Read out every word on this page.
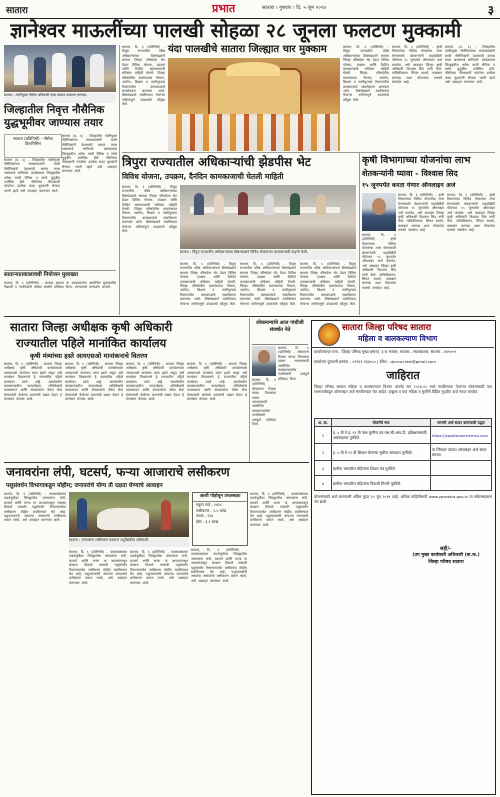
सातारा	प्रभात	सातारा । गुरुवार । दि. ५ जून २०२४	३
ज्ञानेश्वर माऊलींच्या पालखी सोहळा २८ जूनला फलटण मुक्कामी
सातारा : नवनियुक्त नौसेना अधिकारी यांचा सत्कार करताना मान्यवर.
जिल्हातील निवृत्त नौसैनिक युद्धभूमीवर जाण्यास तयार
सातारा (प्रतिनिधी) - नौसेना दिनानिमित्त
सातारा (प्र. ६) - जिल्हातील नवनियुक्त नौसैनिकांच्या सत्काराप्रसंगी माजी नौसैनिकांनी देशासाठी कायम तयार असल्याचे सांगितले. कार्यक्रमास जिल्ह्यातील अनेक माजी सैनिक व त्यांचे कुटुंबीय उपस्थित होते. नौसेनेच्या गौरवशाली परंपरेचा उल्लेख करत युवकांनी सैन्यात भरती व्हावे असे आवाहन करण्यात आले.
सातारा (प्र. ६) - जिल्हातील नवनियुक्त नौसैनिकांच्या सत्काराप्रसंगी माजी नौसैनिकांनी देशासाठी कायम तयार असल्याचे सांगितले. कार्यक्रमास जिल्ह्यातील अनेक माजी सैनिक व त्यांचे कुटुंबीय उपस्थित होते. नौसेनेच्या गौरवशाली परंपरेचा उल्लेख करत युवकांनी सैन्यात भरती व्हावे असे आवाहन करण्यात आले.
साताऱ्यातकालावधी नियोजन मुलाखत
सातारा, दि. ६ (प्रतिनिधी) - सातारा शहरात या उपक्रमांतर्गत आयोजित मुलाखतीस विद्यार्थी व नागरिकांनी मोठ्या संख्येने प्रतिसाद दिला. मान्यवरांचे मार्गदर्शन लाभले.
सातारा, दि. ६ (प्रतिनिधी) - त्रिपुरा राज्यातील वरिष्ठ अधिकाऱ्यांच्या शिष्टमंडळाने सातारा जिल्हा परिषदेला भेट देऊन विविध योजना, उपक्रम आणि दैनंदिन कामकाजाची सविस्तर माहिती घेतली. जिल्हा परिषदेतील ग्रामपंचायत विभाग, आरोग्य, शिक्षण व पाणीपुरवठा विभागातील कामकाजाचे सादरीकरण करण्यात आले. शिष्टमंडळाने राबविण्यात येणाऱ्या नाविन्यपूर्ण उपक्रमांचे कौतुक केले.
यंदा पालखीचे सातारा जिल्ह्यात चार मुक्काम	सातारा, दि. ६ (प्रतिनिधी) - त्रिपुरा राज्यातील वरिष्ठ अधिकाऱ्यांच्या शिष्टमंडळाने सातारा जिल्हा परिषदेला भेट देऊन विविध योजना, उपक्रम आणि दैनंदिन कामकाजाची सविस्तर माहिती घेतली. जिल्हा परिषदेतील ग्रामपंचायत विभाग, आरोग्य, शिक्षण व पाणीपुरवठा विभागातील कामकाजाचे सादरीकरण करण्यात आले. शिष्टमंडळाने राबविण्यात येणाऱ्या नाविन्यपूर्ण उपक्रमांचे कौतुक केले.
सातारा, दि. ६ (प्रतिनिधी) - कृषी विभागाच्या विविध योजनांचा लाभ घेण्यासाठी शेतकऱ्यांनी महाडीबीटी पोर्टलवर १५ जूनपर्यंत ऑनलाइन अर्ज करावेत, असे आवाहन जिल्हा कृषी अधिकारी विश्वास सिद यांनी केले. यांत्रिकीकरण, सिंचन साधने, फळबाग लागवड अशा योजनांचा यामध्ये समावेश आहे.
सातारा (प्र. ६) - जिल्हातील नवनियुक्त नौसैनिकांच्या सत्काराप्रसंगी माजी नौसैनिकांनी देशासाठी कायम तयार असल्याचे सांगितले. कार्यक्रमास जिल्ह्यातील अनेक माजी सैनिक व त्यांचे कुटुंबीय उपस्थित होते. नौसेनेच्या गौरवशाली परंपरेचा उल्लेख करत युवकांनी सैन्यात भरती व्हावे असे आवाहन करण्यात आले.
त्रिपुरा राज्यातील अधिकाऱ्यांची झेडपीस भेट
विविध योजना, उपक्रम, दैनंदिन कामकाजाची घेतली माहिती
सातारा, दि. ६ (प्रतिनिधी) - त्रिपुरा राज्यातील वरिष्ठ अधिकाऱ्यांच्या शिष्टमंडळाने सातारा जिल्हा परिषदेला भेट देऊन विविध योजना, उपक्रम आणि दैनंदिन कामकाजाची सविस्तर माहिती घेतली. जिल्हा परिषदेतील ग्रामपंचायत विभाग, आरोग्य, शिक्षण व पाणीपुरवठा विभागातील कामकाजाचे सादरीकरण करण्यात आले. शिष्टमंडळाने राबविण्यात येणाऱ्या नाविन्यपूर्ण उपक्रमांचे कौतुक केले.
सातारा : त्रिपुरा राज्यातील अधिकाऱ्यांच्या शिष्टमंडळाने विविध योजनांच्या कामकाजाची पाहणी केली.
सातारा, दि. ६ (प्रतिनिधी) - त्रिपुरा राज्यातील वरिष्ठ अधिकाऱ्यांच्या शिष्टमंडळाने सातारा जिल्हा परिषदेला भेट देऊन विविध योजना, उपक्रम आणि दैनंदिन कामकाजाची सविस्तर माहिती घेतली. जिल्हा परिषदेतील ग्रामपंचायत विभाग, आरोग्य, शिक्षण व पाणीपुरवठा विभागातील कामकाजाचे सादरीकरण करण्यात आले. शिष्टमंडळाने राबविण्यात येणाऱ्या नाविन्यपूर्ण उपक्रमांचे कौतुक केले.
सातारा, दि. ६ (प्रतिनिधी) - त्रिपुरा राज्यातील वरिष्ठ अधिकाऱ्यांच्या शिष्टमंडळाने सातारा जिल्हा परिषदेला भेट देऊन विविध योजना, उपक्रम आणि दैनंदिन कामकाजाची सविस्तर माहिती घेतली. जिल्हा परिषदेतील ग्रामपंचायत विभाग, आरोग्य, शिक्षण व पाणीपुरवठा विभागातील कामकाजाचे सादरीकरण करण्यात आले. शिष्टमंडळाने राबविण्यात येणाऱ्या नाविन्यपूर्ण उपक्रमांचे कौतुक केले.
सातारा, दि. ६ (प्रतिनिधी) - त्रिपुरा राज्यातील वरिष्ठ अधिकाऱ्यांच्या शिष्टमंडळाने सातारा जिल्हा परिषदेला भेट देऊन विविध योजना, उपक्रम आणि दैनंदिन कामकाजाची सविस्तर माहिती घेतली. जिल्हा परिषदेतील ग्रामपंचायत विभाग, आरोग्य, शिक्षण व पाणीपुरवठा विभागातील कामकाजाचे सादरीकरण करण्यात आले. शिष्टमंडळाने राबविण्यात येणाऱ्या नाविन्यपूर्ण उपक्रमांचे कौतुक केले.
कृषी विभागाच्या योजनांचा लाभ
शेतकऱ्यांनी घ्यावा - विश्वास सिद
१५ जूनपर्यंत करता येणार ऑनलाइन अर्ज
सातारा, दि. ६ (प्रतिनिधी) - कृषी विभागाच्या विविध योजनांचा लाभ घेण्यासाठी शेतकऱ्यांनी महाडीबीटी पोर्टलवर १५ जूनपर्यंत ऑनलाइन अर्ज करावेत, असे आवाहन जिल्हा कृषी अधिकारी विश्वास सिद यांनी केले. यांत्रिकीकरण, सिंचन साधने, फळबाग लागवड अशा योजनांचा यामध्ये समावेश आहे.
सातारा, दि. ६ (प्रतिनिधी) - कृषी विभागाच्या विविध योजनांचा लाभ घेण्यासाठी शेतकऱ्यांनी महाडीबीटी पोर्टलवर १५ जूनपर्यंत ऑनलाइन अर्ज करावेत, असे आवाहन जिल्हा कृषी अधिकारी विश्वास सिद यांनी केले. यांत्रिकीकरण, सिंचन साधने, फळबाग लागवड अशा योजनांचा यामध्ये समावेश आहे.
सातारा, दि. ६ (प्रतिनिधी) - कृषी विभागाच्या विविध योजनांचा लाभ घेण्यासाठी शेतकऱ्यांनी महाडीबीटी पोर्टलवर १५ जूनपर्यंत ऑनलाइन अर्ज करावेत, असे आवाहन जिल्हा कृषी अधिकारी विश्वास सिद यांनी केले. यांत्रिकीकरण, सिंचन साधने, फळबाग लागवड अशा योजनांचा यामध्ये समावेश आहे.
सातारा जिल्हा अधीक्षक कृषी अधिकारी
राज्यातील पहिले मानांकित कार्यालय
कृषी मंत्र्यांच्या हस्ते आयएसओ मानांकनाचे वितरण
सातारा, दि. ६ (प्रतिनिधी) - सातारा जिल्हा अधीक्षक कृषी अधिकारी कार्यालयाला आयएसओ मानांकन प्राप्त झाले असून असे मानांकन मिळवणारे हे राज्यातील पहिले कार्यालय ठरले आहे. कार्यालयीन कामकाजातील पारदर्शकता, अभिलेखांचे व्यवस्थापन आणि शेतकऱ्यांना वेळेत सेवा देण्यासाठी केलेल्या प्रयत्नांची दखल घेऊन हे मानांकन देण्यात आले.
सातारा, दि. ६ (प्रतिनिधी) - सातारा जिल्हा अधीक्षक कृषी अधिकारी कार्यालयाला आयएसओ मानांकन प्राप्त झाले असून असे मानांकन मिळवणारे हे राज्यातील पहिले कार्यालय ठरले आहे. कार्यालयीन कामकाजातील पारदर्शकता, अभिलेखांचे व्यवस्थापन आणि शेतकऱ्यांना वेळेत सेवा देण्यासाठी केलेल्या प्रयत्नांची दखल घेऊन हे मानांकन देण्यात आले.
सातारा, दि. ६ (प्रतिनिधी) - सातारा जिल्हा अधीक्षक कृषी अधिकारी कार्यालयाला आयएसओ मानांकन प्राप्त झाले असून असे मानांकन मिळवणारे हे राज्यातील पहिले कार्यालय ठरले आहे. कार्यालयीन कामकाजातील पारदर्शकता, अभिलेखांचे व्यवस्थापन आणि शेतकऱ्यांना वेळेत सेवा देण्यासाठी केलेल्या प्रयत्नांची दखल घेऊन हे मानांकन देण्यात आले.
सातारा, दि. ६ (प्रतिनिधी) - सातारा जिल्हा अधीक्षक कृषी अधिकारी कार्यालयाला आयएसओ मानांकन प्राप्त झाले असून असे मानांकन मिळवणारे हे राज्यातील पहिले कार्यालय ठरले आहे. कार्यालयीन कामकाजातील पारदर्शकता, अभिलेखांचे व्यवस्थापन आणि शेतकऱ्यांना वेळेत सेवा देण्यासाठी केलेल्या प्रयत्नांची दखल घेऊन हे मानांकन देण्यात आले.
लोकमान्यांचे आज गांधीजी संघर्षात नेते
सातारा, दि. ६ (प्रतिनिधी) - लोकमान्य टिळक यांच्या विचारांचा वारसा जपण्यासाठी आयोजित व्याख्यानमालेस नागरिकांनी उत्स्फूर्त प्रतिसाद दिला.
सातारा, दि. ६ (प्रतिनिधी) - लोकमान्य टिळक यांच्या विचारांचा वारसा जपण्यासाठी आयोजित व्याख्यानमालेस नागरिकांनी उत्स्फूर्त प्रतिसाद दिला.
सातारा जिल्हा परिषद सातारा
महिला व बालकल्याण विभाग
कार्यालयाचा पत्ता - जिल्हा परिषद मुख्य इमारत, ३ रा मजला, सातारा - सदरबाजार, सातारा - ४१५००१
कार्यालय दूरध्वनी क्रमांक - ०२१६२-२३३०८० | ईमेल - dyceo.mbk@gmail.com
जाहिरात
जिल्हा परिषद सातारा महिला व बालकल्याण विभाग अंतर्गत सन २०२४-२५ मध्ये राबविण्यात येणाऱ्या योजनांसाठी पात्र लाभार्थ्यांकडून ऑनलाइन अर्ज मागविण्यात येत आहेत. इच्छुक व पात्र महिला व मुलींनी विहित मुदतीत अर्ज सादर करावेत.
अ. क्र.	योजनेचे नाव	मागणी अर्ज सादर करण्याची पद्धत
१	इ. ५ वी ते इ. १२ वी पास मुलींना एम.एस.सी.आय.टी. प्रशिक्षणासाठी अर्थसाहाय्य पुरविणे.	https://zpsataraschemes.com
२	इ. ५ वी ते १२ वी शिक्षण घेणाऱ्या मुलींना सायकल पुरविणे.	या लिंकवर जाऊन ऑनलाइन अर्ज सादर करावा.
३	ग्रामीण भागातील महिलांना शिवण यंत्र पुरविणे.	
४	ग्रामीण भागातील महिलांना पिठाची गिरणी पुरविणे.	
योजनांसाठी अर्ज करण्याची अंतिम मुदत २५ जून २०२४ आहे. अधिक माहितीसाठी www.zpsatara.gov.in या संकेतस्थळास भेट द्यावी.
सही/-
(उप मुख्य कार्यकारी अधिकारी (बा.क.)
जिल्हा परिषद सातारा
जनावरांना लंपी, घटसर्प, फऱ्या आजाराचे लसीकरण
पशुसंवर्धन विभागाकडून मोहीम; जनावरांचे योग्य ती दक्षता घेण्याचे आवाहन
सातारा, दि. ६ (प्रतिनिधी) - पावसाळ्याच्या पार्श्वभूमीवर जिल्ह्यातील जनावरांना लंपी, घटसर्प आणि फऱ्या या आजारांपासून संरक्षण मिळावे यासाठी पशुसंवर्धन विभागामार्फत लसीकरण मोहीम राबविण्यात येत आहे. पशुपालकांनी आपल्या जनावरांचे लसीकरण करून घ्यावे, असे आवाहन करण्यात आले.
सातारा : जनावरांना लसीकरण करताना पशुवैद्यकीय अधिकारी.
आजी पोहोचून उपलब्धता
एकूण गावे - १४२८
लसीकरण - २.५ लाख
पथक - २५४
डोस - ३.१ लाख
सातारा, दि. ६ (प्रतिनिधी) - पावसाळ्याच्या पार्श्वभूमीवर जिल्ह्यातील जनावरांना लंपी, घटसर्प आणि फऱ्या या आजारांपासून संरक्षण मिळावे यासाठी पशुसंवर्धन विभागामार्फत लसीकरण मोहीम राबविण्यात येत आहे. पशुपालकांनी आपल्या जनावरांचे लसीकरण करून घ्यावे, असे आवाहन करण्यात आले.
सातारा, दि. ६ (प्रतिनिधी) - पावसाळ्याच्या पार्श्वभूमीवर जिल्ह्यातील जनावरांना लंपी, घटसर्प आणि फऱ्या या आजारांपासून संरक्षण मिळावे यासाठी पशुसंवर्धन विभागामार्फत लसीकरण मोहीम राबविण्यात येत आहे. पशुपालकांनी आपल्या जनावरांचे लसीकरण करून घ्यावे, असे आवाहन करण्यात आले.
सातारा, दि. ६ (प्रतिनिधी) - पावसाळ्याच्या पार्श्वभूमीवर जिल्ह्यातील जनावरांना लंपी, घटसर्प आणि फऱ्या या आजारांपासून संरक्षण मिळावे यासाठी पशुसंवर्धन विभागामार्फत लसीकरण मोहीम राबविण्यात येत आहे. पशुपालकांनी आपल्या जनावरांचे लसीकरण करून घ्यावे, असे आवाहन करण्यात आले.
सातारा, दि. ६ (प्रतिनिधी) - पावसाळ्याच्या पार्श्वभूमीवर जिल्ह्यातील जनावरांना लंपी, घटसर्प आणि फऱ्या या आजारांपासून संरक्षण मिळावे यासाठी पशुसंवर्धन विभागामार्फत लसीकरण मोहीम राबविण्यात येत आहे. पशुपालकांनी आपल्या जनावरांचे लसीकरण करून घ्यावे, असे आवाहन करण्यात आले.
